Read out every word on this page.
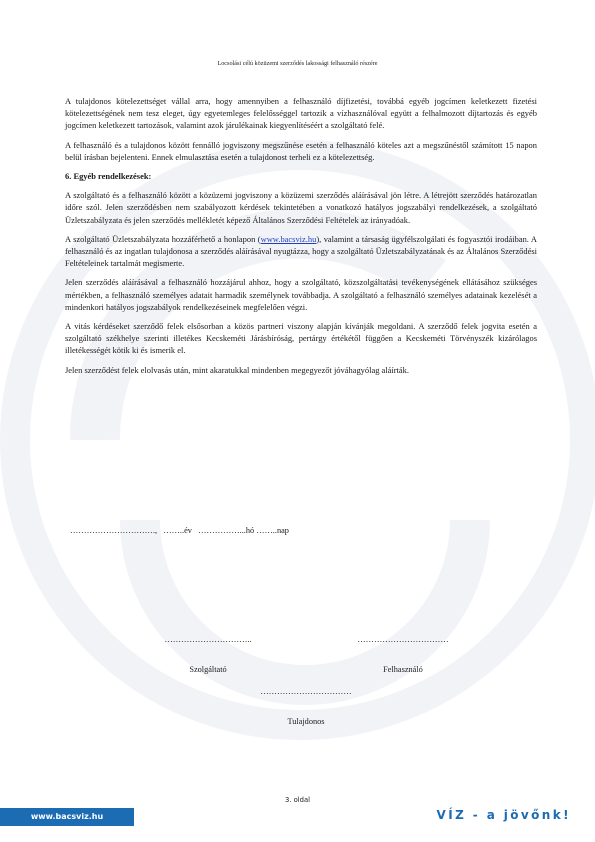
Locsolási célú közüzemi szerződés lakossági felhasználó részére

A tulajdonos kötelezettséget vállal arra, hogy amennyiben a felhasználó díjfizetési, továbbá egyéb jogcímen keletkezett fizetési kötelezettségének nem tesz eleget, úgy egyetemleges felelősséggel tartozik a vízhasználóval együtt a felhalmozott díjtartozás és egyéb jogcímen keletkezett tartozások, valamint azok járulékainak kiegyenlítéséért a szolgáltató felé.

A felhasználó és a tulajdonos között fennálló jogviszony megszűnése esetén a felhasználó köteles azt a megszűnéstől számított 15 napon belül írásban bejelenteni. Ennek elmulasztása esetén a tulajdonost terheli ez a kötelezettség.

6. Egyéb rendelkezések:

A szolgáltató és a felhasználó között a közüzemi jogviszony a közüzemi szerződés aláírásával jön létre. A létrejött szerződés határozatlan időre szól. Jelen szerződésben nem szabályozott kérdések tekintetében a vonatkozó hatályos jogszabályi rendelkezések, a szolgáltató Üzletszabályzata és jelen szerződés mellékletét képező Általános Szerződési Feltételek az irányadóak.

A szolgáltató Üzletszabályzata hozzáférhető a honlapon (www.bacsviz.hu), valamint a társaság ügyfélszolgálati és fogyasztói irodáiban. A felhasználó és az ingatlan tulajdonosa a szerződés aláírásával nyugtázza, hogy a szolgáltató Üzletszabályzatának és az Általános Szerződési Feltételeinek tartalmát megismerte.

Jelen szerződés aláírásával a felhasználó hozzájárul ahhoz, hogy a szolgáltató, közszolgáltatási tevékenységének ellátásához szükséges mértékben, a felhasználó személyes adatait harmadik személynek továbbadja. A szolgáltató a felhasználó személyes adatainak kezelését a mindenkori hatályos jogszabályok rendelkezéseinek megfelelően végzi.

A vitás kérdéseket szerződő felek elsősorban a közös partneri viszony alapján kívánják megoldani. A szerződő felek jogvita esetén a szolgáltató székhelye szerinti illetékes Kecskeméti Járásbíróság, pertárgy értékétől függően a Kecskeméti Törvényszék kizárólagos illetékességét kötik ki és ismerik el.

Jelen szerződést felek elolvasás után, mint akaratukkal mindenben megegyezőt jóváhagyólag aláírták.

………………………….,   ……..év   ……………...hó ……..nap

…………………………..

Szolgáltató

……………………………

Felhasználó

……………………………

Tulajdonos

3. oldal
www.bacsviz.hu	VÍZ - a jövőnk!
